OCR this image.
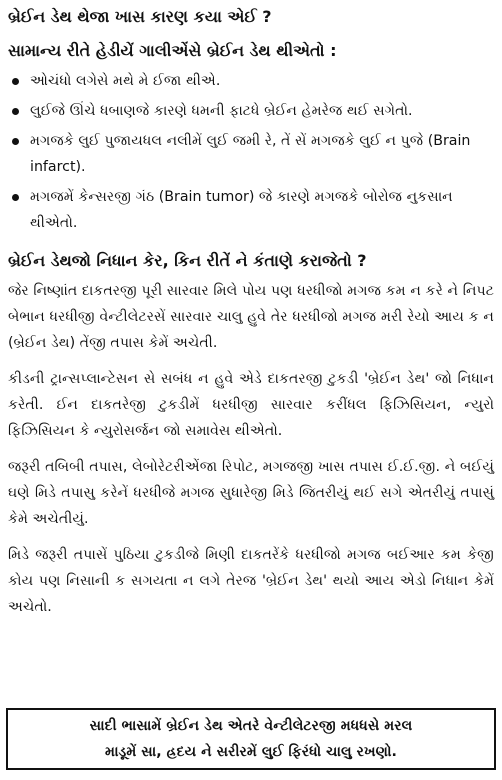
બ્રેઈન ડેથ થેજા ખાસ કારણ કયા એઈ ?
સામાન્ય રીતે હેડીયેં ગાલીએંસે બ્રેઈન ડેથ થીએતો :
ઓચંધો લગેસે મથે મે ઈજા થીએ.
લુઈજે ઊંચે ધબાણજે કારણે ધમની ફાટધે બ્રેઈન હેમરેજ થઈ સગેતો.
મગજકે લુઈ પુજાયધલ નલીમેં લુઈ જમી રે, તેં સેં મગજકે લુઈ ન પુજે (Brain infarct).
મગજમેં કેન્સરજી ગંઠ (Brain tumor) જે કારણે મગજકે બોરોજ નુકસાન થીએતો.
બ્રેઈન ડેથજો નિધાન કેર, કિન રીતેં ને કંતાણે કરાજેતો ?

જેર નિષ્ણાંત દાકતરજી પૂરી સારવાર મિલે પોય પણ ધરધીજો મગજ કમ ન કરે ને નિપટ બેભાન ધરધીજી વેન્ટીલેટરસેં સારવાર ચાલુ હુવે તેર ધરધીજો મગજ મરી રેયો આય ક ન (બ્રેઈન ડેથ) તેંજી તપાસ કેમેં અચેતી.

કીડની ટ્રાન્સપ્લાન્ટેસન સે સબંધ ન હુવે એડે દાકતરજી ટુકડી 'બ્રેઈન ડેથ' જો નિધાન કરેતી. ઈન દાકતરેજી ટુકડીમેં ધરધીજી સારવાર કરીંધલ ફિઝિસિયન, ન્યુરો ફિઝિસિયન કે ન્યુરોસર્જન જો સમાવેસ થીએતો.

જરૂરી તબિબી તપાસ, લેબોરેટરીએંજા રિપોટ, મગજજી ખાસ તપાસ ઈ.ઈ.જી. ને બઈયું ઘણે મિડે તપાસુ કરેનેં ધરધીજે મગજ સુધારેજી મિડે જિતરીયું થઈ સગે એતરીયું તપાસું કેમે અચેતીયું.

મિડે જરૂરી તપાસેં પુઠિયા ટુકડીજે મિણી દાકતરેંકે ધરધીજો મગજ બઈઆર કમ કેજી કોય પણ નિસાની ક સગયતા ન લગે તેરજ 'બ્રેઈન ડેથ' થયો આય એડો નિધાન કેમેં અચેતો.

સાદી ભાસામેં બ્રેઈન ડેથ એતરે વેન્ટીલેટરજી મધધસે મરલ
માડૂમેં સા, હ્રદય ને સરીરમેં લુઈ ફિરંધો ચાલુ રખણો.
